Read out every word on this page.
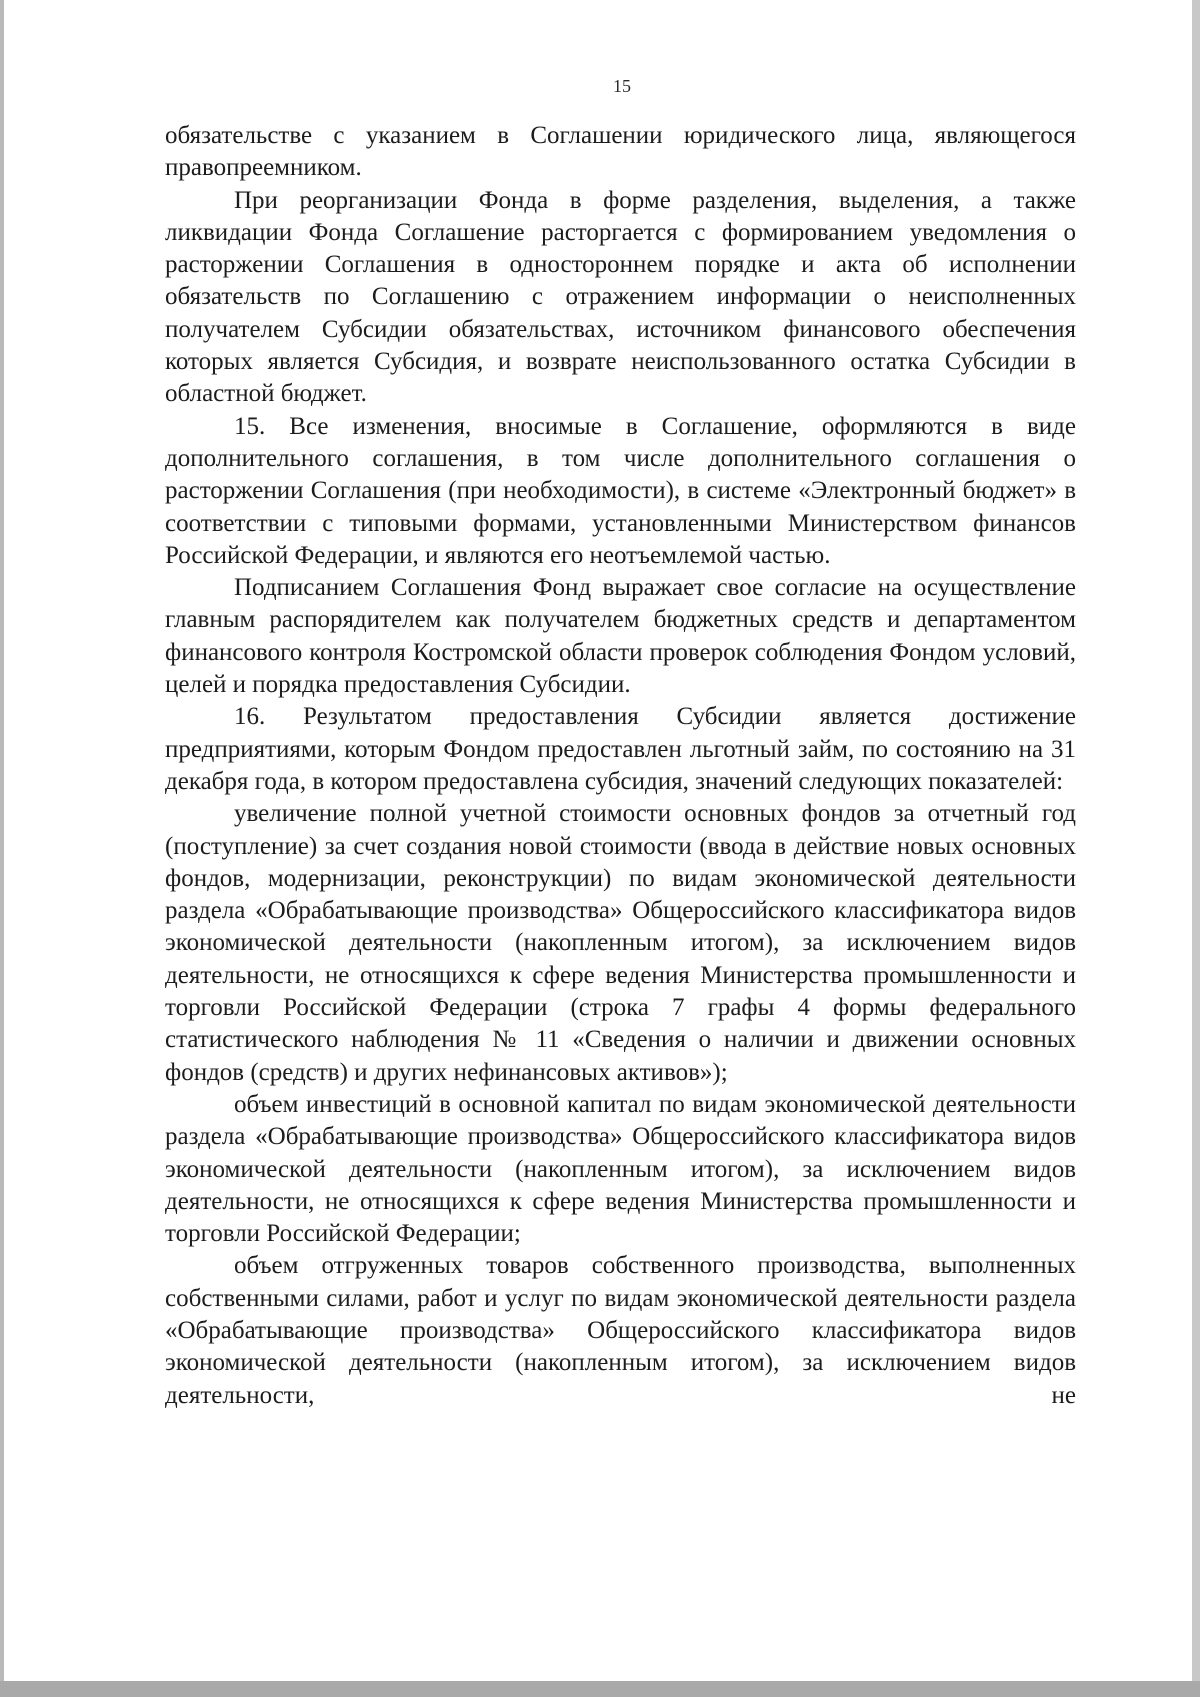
15

обязательстве с указанием в Соглашении юридического лица, являющегося правопреемником.

При реорганизации Фонда в форме разделения, выделения, а также ликвидации Фонда Соглашение расторгается с формированием уведомления о расторжении Соглашения в одностороннем порядке и акта об исполнении обязательств по Соглашению с отражением информации о неисполненных получателем Субсидии обязательствах, источником финансового обеспечения которых является Субсидия, и возврате неиспользованного остатка Субсидии в областной бюджет.

15. Все изменения, вносимые в Соглашение, оформляются в виде дополнительного соглашения, в том числе дополнительного соглашения о расторжении Соглашения (при необходимости), в системе «Электронный бюджет» в соответствии с типовыми формами, установленными Министерством финансов Российской Федерации, и являются его неотъемлемой частью.

Подписанием Соглашения Фонд выражает свое согласие на осуществление главным распорядителем как получателем бюджетных средств и департаментом финансового контроля Костромской области проверок соблюдения Фондом условий, целей и порядка предоставления Субсидии.

16. Результатом предоставления Субсидии является достижение предприятиями, которым Фондом предоставлен льготный займ, по состоянию на 31 декабря года, в котором предоставлена субсидия, значений следующих показателей:

увеличение полной учетной стоимости основных фондов за отчетный год (поступление) за счет создания новой стоимости (ввода в действие новых основных фондов, модернизации, реконструкции) по видам экономической деятельности раздела «Обрабатывающие производства» Общероссийского классификатора видов экономической деятельности (накопленным итогом), за исключением видов деятельности, не относящихся к сфере ведения Министерства промышленности и торговли Российской Федерации (строка 7 графы 4 формы федерального статистического наблюдения № 11 «Сведения о наличии и движении основных фондов (средств) и других нефинансовых активов»);

объем инвестиций в основной капитал по видам экономической деятельности раздела «Обрабатывающие производства» Общероссийского классификатора видов экономической деятельности (накопленным итогом), за исключением видов деятельности, не относящихся к сфере ведения Министерства промышленности и торговли Российской Федерации;

объем отгруженных товаров собственного производства, выполненных собственными силами, работ и услуг по видам экономической деятельности раздела «Обрабатывающие производства» Общероссийского классификатора видов экономической деятельности (накопленным итогом), за исключением видов деятельности, не
